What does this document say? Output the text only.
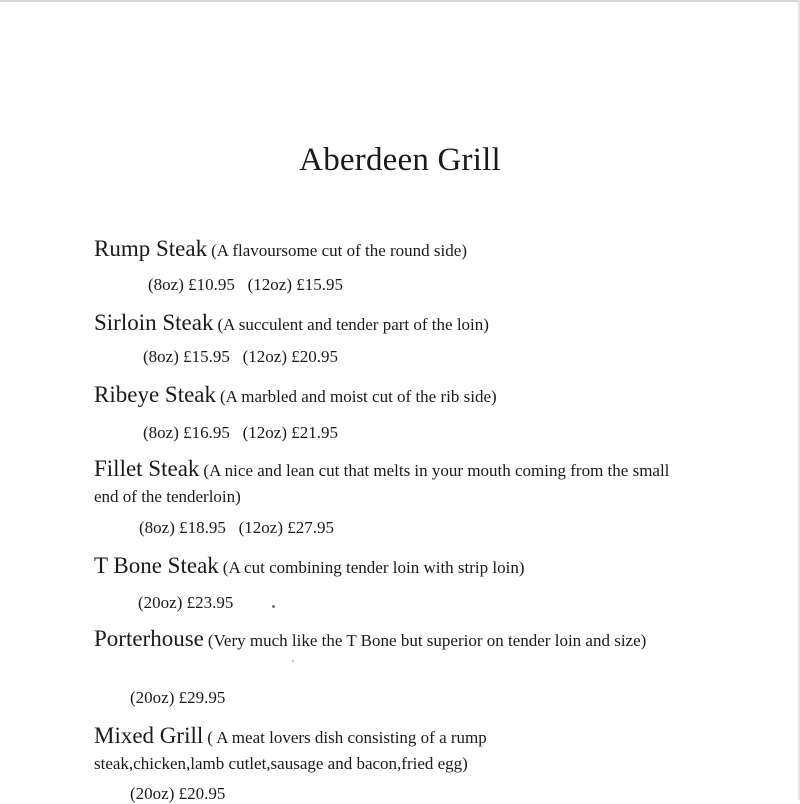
Aberdeen Grill
Rump Steak (A flavoursome cut of the round side)
(8oz) £10.95   (12oz) £15.95
Sirloin Steak (A succulent and tender part of the loin)
(8oz) £15.95   (12oz) £20.95
Ribeye Steak (A marbled and moist cut of the rib side)
(8oz) £16.95   (12oz) £21.95
Fillet Steak (A nice and lean cut that melts in your mouth coming from the small end of the tenderloin)
(8oz) £18.95   (12oz) £27.95
T Bone Steak (A cut combining tender loin with strip loin)
(20oz) £23.95
Porterhouse (Very much like the T Bone but superior on tender loin and size)
(20oz) £29.95
Mixed Grill ( A meat lovers dish consisting of a rump steak,chicken,lamb cutlet,sausage and bacon,fried egg)
(20oz) £20.95
